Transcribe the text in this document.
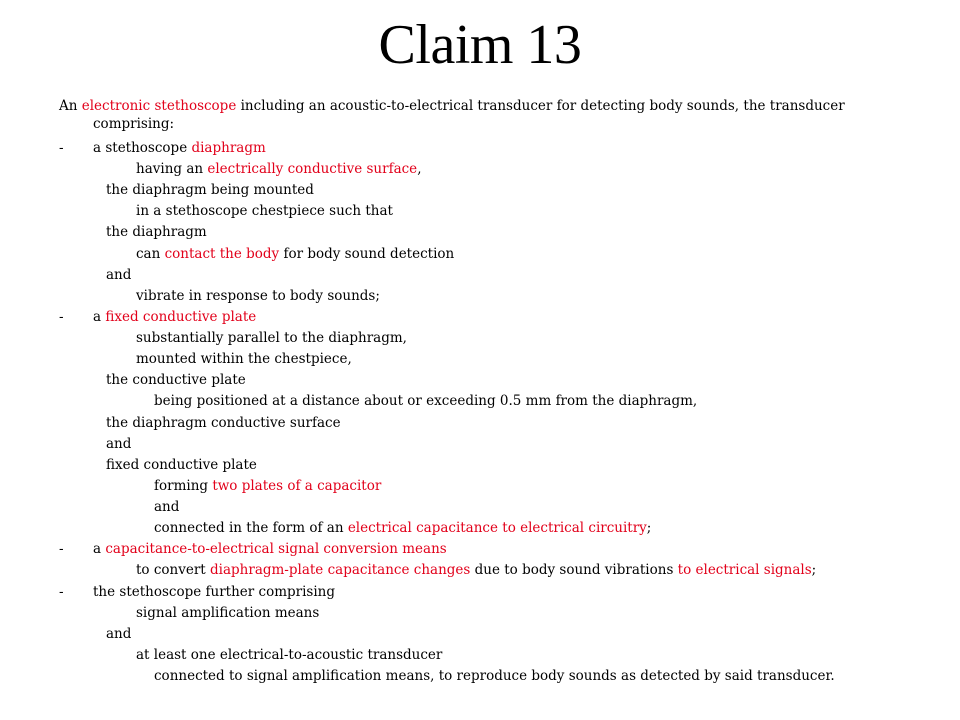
Claim 13
An electronic stethoscope including an acoustic-to-electrical transducer for detecting body sounds, the transducer
comprising:
- a stethoscope diaphragm
having an electrically conductive surface,
the diaphragm being mounted
in a stethoscope chestpiece such that
the diaphragm
can contact the body for body sound detection
and
vibrate in response to body sounds;
- a fixed conductive plate
substantially parallel to the diaphragm,
mounted within the chestpiece,
the conductive plate
being positioned at a distance about or exceeding 0.5 mm from the diaphragm,
the diaphragm conductive surface
and
fixed conductive plate
forming two plates of a capacitor
and
connected in the form of an electrical capacitance to electrical circuitry;
- a capacitance-to-electrical signal conversion means
to convert diaphragm-plate capacitance changes due to body sound vibrations to electrical signals;
- the stethoscope further comprising
signal amplification means
and
at least one electrical-to-acoustic transducer
connected to signal amplification means, to reproduce body sounds as detected by said transducer.
